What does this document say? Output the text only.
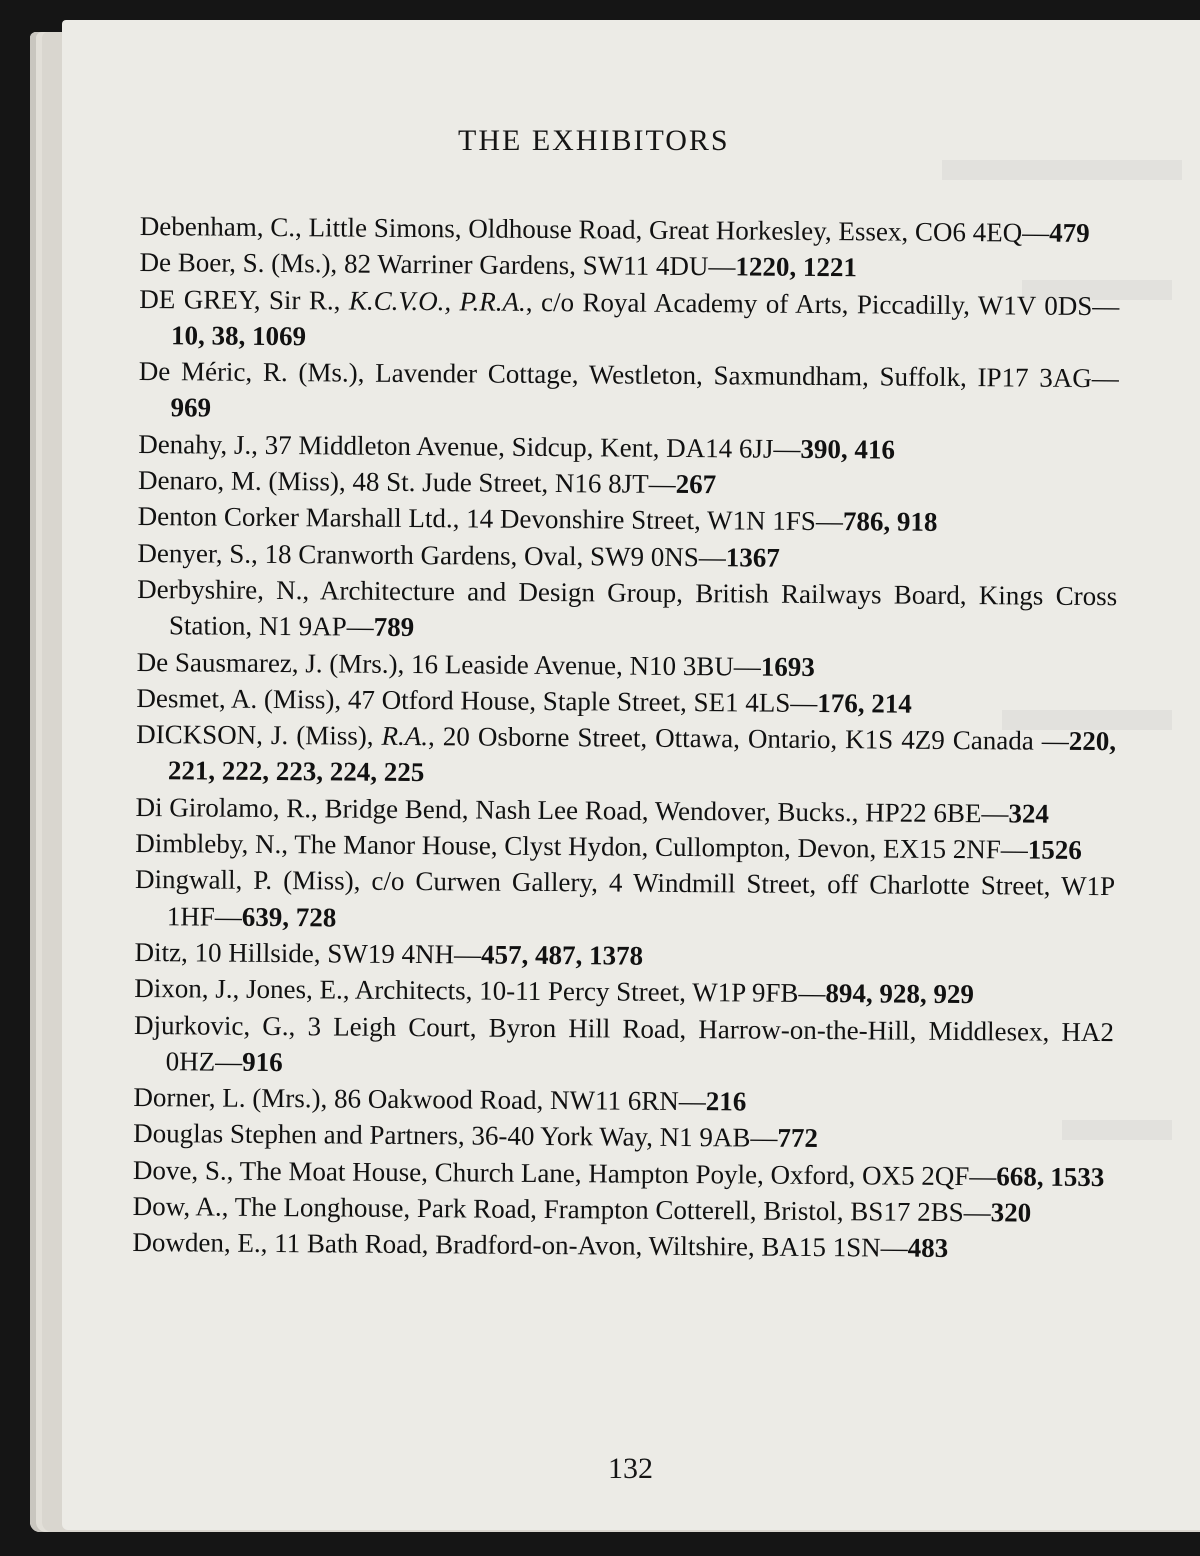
THE EXHIBITORS

Debenham, C., Little Simons, Oldhouse Road, Great Horkesley, Essex, CO6 4EQ—479

De Boer, S. (Ms.), 82 Warriner Gardens, SW11 4DU—1220, 1221

DE GREY, Sir R., K.C.V.O., P.R.A., c/o Royal Academy of Arts, Piccadilly, W1V 0DS—10, 38, 1069

De Méric, R. (Ms.), Lavender Cottage, Westleton, Saxmundham, Suffolk, IP17 3AG—969

Denahy, J., 37 Middleton Avenue, Sidcup, Kent, DA14 6JJ—390, 416

Denaro, M. (Miss), 48 St. Jude Street, N16 8JT—267

Denton Corker Marshall Ltd., 14 Devonshire Street, W1N 1FS—786, 918

Denyer, S., 18 Cranworth Gardens, Oval, SW9 0NS—1367

Derbyshire, N., Architecture and Design Group, British Railways Board, Kings Cross Station, N1 9AP—789

De Sausmarez, J. (Mrs.), 16 Leaside Avenue, N10 3BU—1693

Desmet, A. (Miss), 47 Otford House, Staple Street, SE1 4LS—176, 214

DICKSON, J. (Miss), R.A., 20 Osborne Street, Ottawa, Ontario, K1S 4Z9 Canada —220, 221, 222, 223, 224, 225

Di Girolamo, R., Bridge Bend, Nash Lee Road, Wendover, Bucks., HP22 6BE—324

Dimbleby, N., The Manor House, Clyst Hydon, Cullompton, Devon, EX15 2NF—1526

Dingwall, P. (Miss), c/o Curwen Gallery, 4 Windmill Street, off Charlotte Street, W1P 1HF—639, 728

Ditz, 10 Hillside, SW19 4NH—457, 487, 1378

Dixon, J., Jones, E., Architects, 10-11 Percy Street, W1P 9FB—894, 928, 929

Djurkovic, G., 3 Leigh Court, Byron Hill Road, Harrow-on-the-Hill, Middlesex, HA2 0HZ—916

Dorner, L. (Mrs.), 86 Oakwood Road, NW11 6RN—216

Douglas Stephen and Partners, 36-40 York Way, N1 9AB—772

Dove, S., The Moat House, Church Lane, Hampton Poyle, Oxford, OX5 2QF—668, 1533

Dow, A., The Longhouse, Park Road, Frampton Cotterell, Bristol, BS17 2BS—320

Dowden, E., 11 Bath Road, Bradford-on-Avon, Wiltshire, BA15 1SN—483

132
